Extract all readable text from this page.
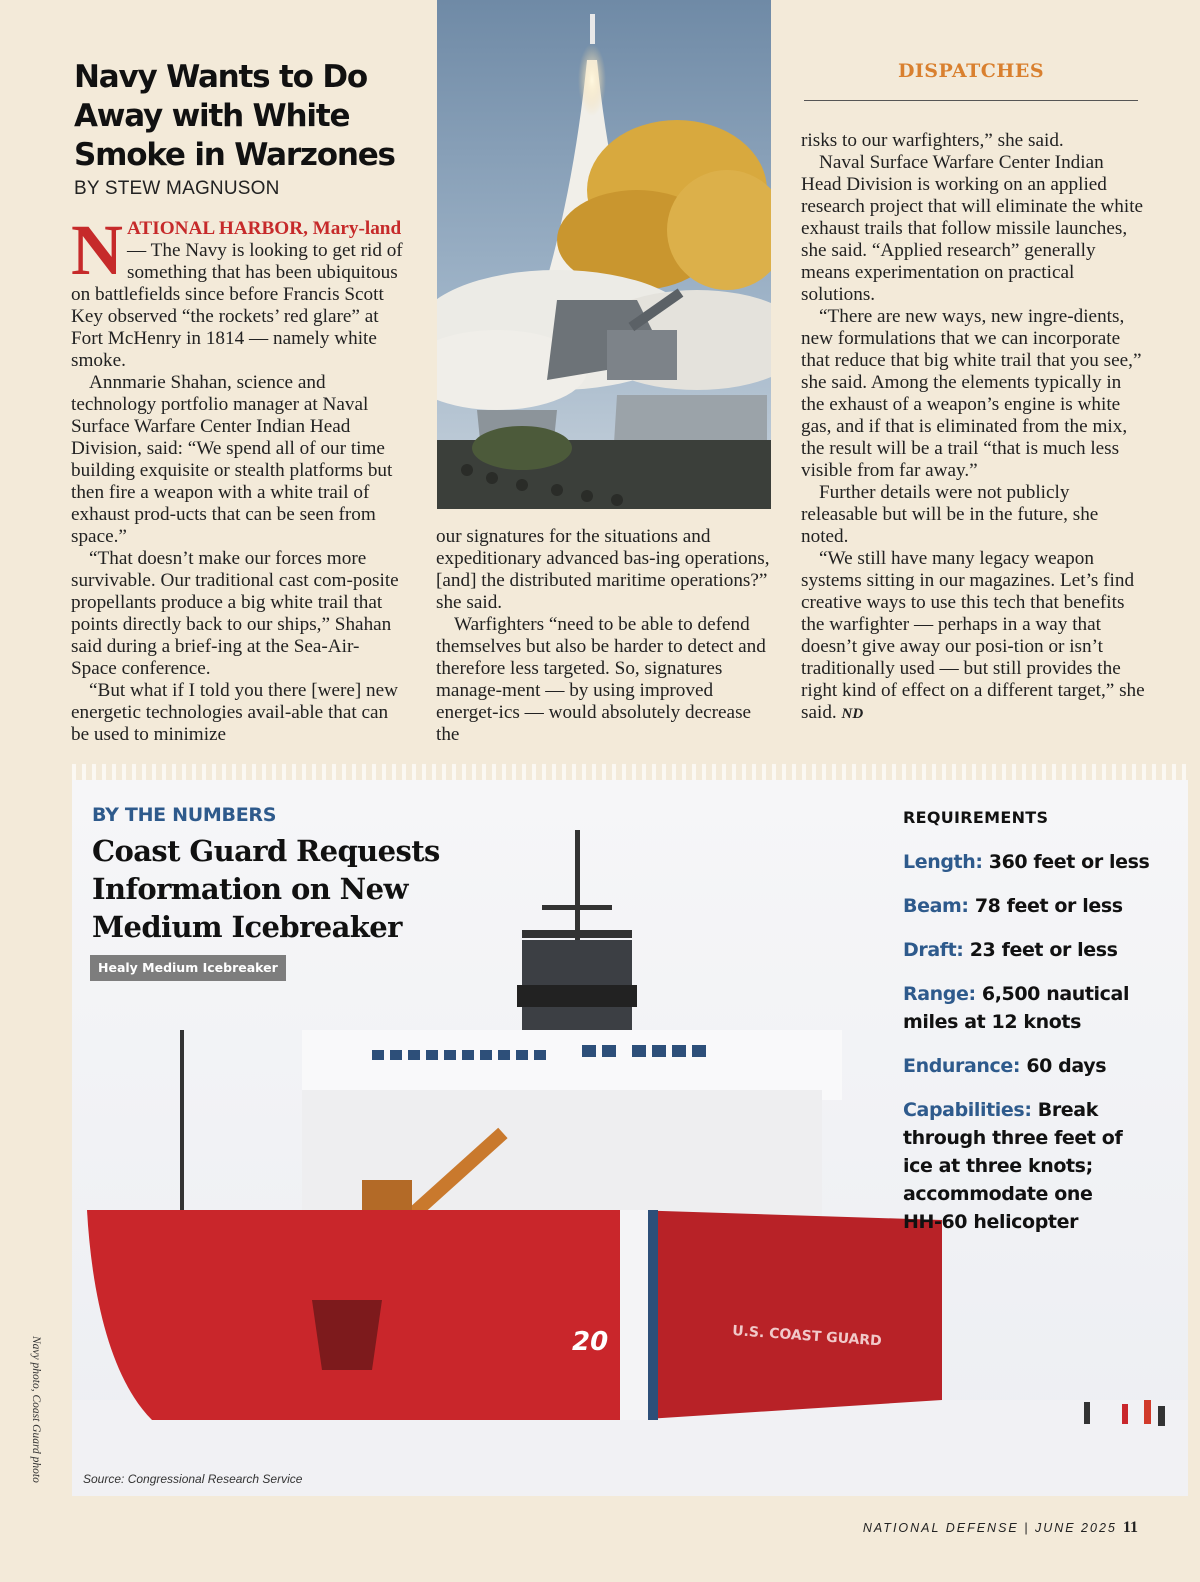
Navy Wants to Do Away with White Smoke in Warzones
BY STEW MAGNUSON

NATIONAL HARBOR, Mary-land — The Navy is looking to get rid of something that has been ubiquitous on battlefields since before Francis Scott Key observed “the rockets’ red glare” at Fort McHenry in 1814 — namely white smoke.

Annmarie Shahan, science and technology portfolio manager at Naval Surface Warfare Center Indian Head Division, said: “We spend all of our time building exquisite or stealth platforms but then fire a weapon with a white trail of exhaust prod-ucts that can be seen from space.”

“That doesn’t make our forces more survivable. Our traditional cast com-posite propellants produce a big white trail that points directly back to our ships,” Shahan said during a brief-ing at the Sea-Air-Space conference.

“But what if I told you there [were] new energetic technologies avail-able that can be used to minimize

our signatures for the situations and expeditionary advanced bas-ing operations, [and] the distributed maritime operations?” she said.

Warfighters “need to be able to defend themselves but also be harder to detect and therefore less targeted. So, signatures manage-ment — by using improved energet-ics — would absolutely decrease the

DISPATCHES

risks to our warfighters,” she said.

Naval Surface Warfare Center Indian Head Division is working on an applied research project that will eliminate the white exhaust trails that follow missile launches, she said. “Applied research” generally means experimentation on practical solutions.

“There are new ways, new ingre-dients, new formulations that we can incorporate that reduce that big white trail that you see,” she said. Among the elements typically in the exhaust of a weapon’s engine is white gas, and if that is eliminated from the mix, the result will be a trail “that is much less visible from far away.”

Further details were not publicly releasable but will be in the future, she noted.

“We still have many legacy weapon systems sitting in our magazines. Let’s find creative ways to use this tech that benefits the warfighter — perhaps in a way that doesn’t give away our posi-tion or isn’t traditionally used — but still provides the right kind of effect on a different target,” she said. ND

20	U.S. COAST GUARD
BY THE NUMBERS
Coast Guard Requests Information on New Medium Icebreaker
Healy Medium Icebreaker
REQUIREMENTS
Length: 360 feet or less
Beam: 78 feet or less
Draft: 23 feet or less
Range: 6,500 nautical miles at 12 knots
Endurance: 60 days
Capabilities: Break through three feet of ice at three knots; accommodate one HH-60 helicopter
Source: Congressional Research Service
Navy photo, Coast Guard photo
NATIONAL DEFENSE | JUNE 2025 11
